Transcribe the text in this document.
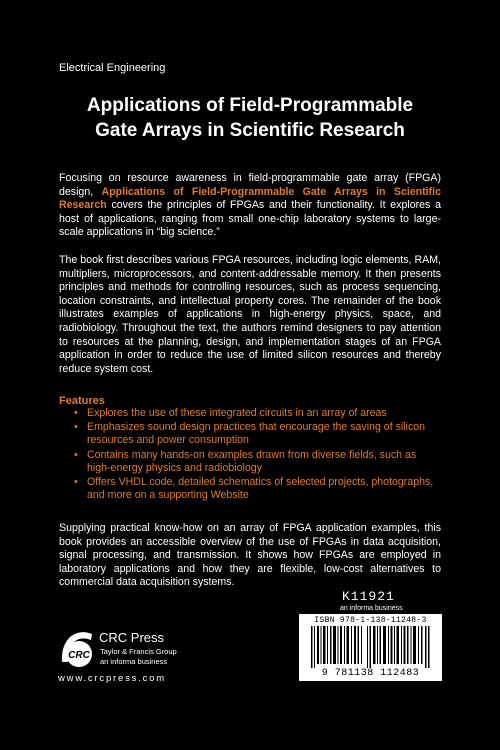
Electrical Engineering
Applications of Field-Programmable
Gate Arrays in Scientific Research
Focusing on resource awareness in field-programmable gate array (FPGA) design, Applications of Field-Programmable Gate Arrays in Scientific Research covers the principles of FPGAs and their functionality. It explores a host of applications, ranging from small one-chip laboratory systems to large-scale applications in “big science.”
The book first describes various FPGA resources, including logic elements, RAM, multipliers, microprocessors, and content-addressable memory. It then presents principles and methods for controlling resources, such as process sequencing, location constraints, and intellectual property cores. The remainder of the book illustrates examples of applications in high-energy physics, space, and radiobiology. Throughout the text, the authors remind designers to pay attention to resources at the planning, design, and implementation stages of an FPGA application in order to reduce the use of limited silicon resources and thereby reduce system cost.
Features
• Explores the use of these integrated circuits in an array of areas
• Emphasizes sound design practices that encourage the saving of silicon resources and power consumption
• Contains many hands-on examples drawn from diverse fields, such as high-energy physics and radiobiology
• Offers VHDL code, detailed schematics of selected projects, photographs, and more on a supporting Website
Supplying practical know-how on an array of FPGA application examples, this book provides an accessible overview of the use of FPGAs in data acquisition, signal processing, and transmission. It shows how FPGAs are employed in laboratory applications and how they are flexible, low-cost alternatives to commercial data acquisition systems.
K11921
an informa business
ISBN 978-1-138-11248-3
9 781138 112483
CRC
CRC Press
Taylor & Francis Group
an informa business
www.crcpress.com
